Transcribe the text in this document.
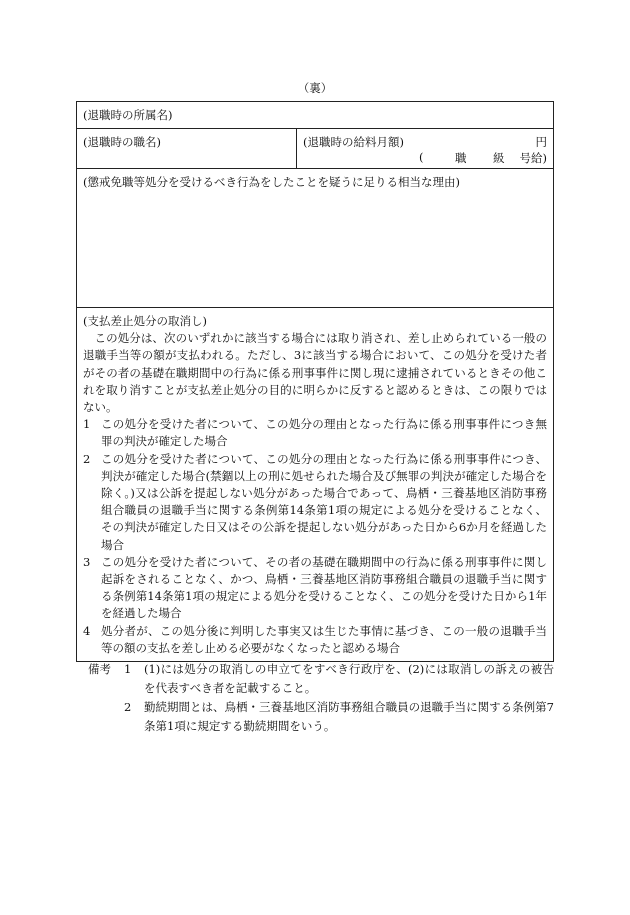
（裏）
(退職時の所属名)
(退職時の職名)	(退職時の給料月額)	円
(	職 級 号給)
(懲戒免職等処分を受けるべき行為をしたことを疑うに足りる相当な理由)
(支払差止処分の取消し)
この処分は、次のいずれかに該当する場合には取り消され、差し止められている一般の退職手当等の額が支払われる。ただし、3に該当する場合において、この処分を受けた者がその者の基礎在職期間中の行為に係る刑事事件に関し現に逮捕されているときその他これを取り消すことが支払差止処分の目的に明らかに反すると認めるときは、この限りではない。
1 この処分を受けた者について、この処分の理由となった行為に係る刑事事件につき無罪の判決が確定した場合
2 この処分を受けた者について、この処分の理由となった行為に係る刑事事件につき、判決が確定した場合(禁錮以上の刑に処せられた場合及び無罪の判決が確定した場合を除く。)又は公訴を提起しない処分があった場合であって、鳥栖・三養基地区消防事務組合職員の退職手当に関する条例第14条第1項の規定による処分を受けることなく、その判決が確定した日又はその公訴を提起しない処分があった日から6か月を経過した場合
3 この処分を受けた者について、その者の基礎在職期間中の行為に係る刑事事件に関し起訴をされることなく、かつ、鳥栖・三養基地区消防事務組合職員の退職手当に関する条例第14条第1項の規定による処分を受けることなく、この処分を受けた日から1年を経過した場合
4 処分者が、この処分後に判明した事実又は生じた事情に基づき、この一般の退職手当等の額の支払を差し止める必要がなくなったと認める場合
備考	1	(1)には処分の取消しの申立てをすべき行政庁を、(2)には取消しの訴えの被告を代表すべき者を記載すること。
2	勤続期間とは、鳥栖・三養基地区消防事務組合職員の退職手当に関する条例第7条第1項に規定する勤続期間をいう。
